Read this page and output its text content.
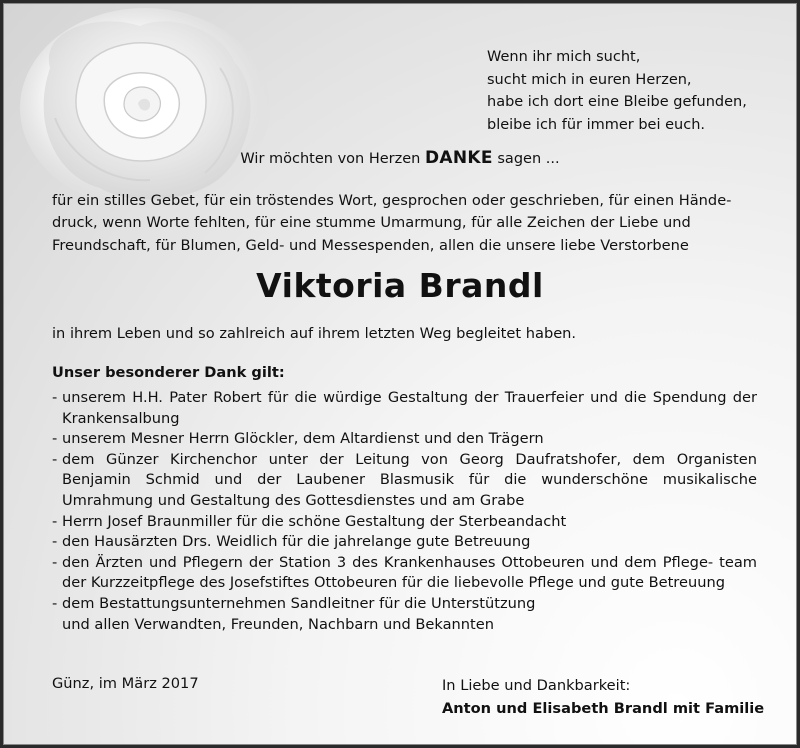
Wenn ihr mich sucht,
sucht mich in euren Herzen,
habe ich dort eine Bleibe gefunden,
bleibe ich für immer bei euch.
Wir möchten von Herzen DANKE sagen ...
für ein stilles Gebet, für ein tröstendes Wort, gesprochen oder geschrieben, für einen Hände-
druck, wenn Worte fehlten, für eine stumme Umarmung, für alle Zeichen der Liebe und
Freundschaft, für Blumen, Geld- und Messespenden, allen die unsere liebe Verstorbene
Viktoria Brandl
in ihrem Leben und so zahlreich auf ihrem letzten Weg begleitet haben.
Unser besonderer Dank gilt:
- unserem H.H. Pater Robert für die würdige Gestaltung der Trauerfeier und die Spendung der Krankensalbung
- unserem Mesner Herrn Glöckler, dem Altardienst und den Trägern
- dem Günzer Kirchenchor unter der Leitung von Georg Daufratshofer, dem Organisten Benjamin Schmid und der Laubener Blasmusik für die wunderschöne musikalische Umrahmung und Gestaltung des Gottesdienstes und am Grabe
- Herrn Josef Braunmiller für die schöne Gestaltung der Sterbeandacht
- den Hausärzten Drs. Weidlich für die jahrelange gute Betreuung
- den Ärzten und Pflegern der Station 3 des Krankenhauses Ottobeuren und dem Pflege- team der Kurzzeitpflege des Josefstiftes Ottobeuren für die liebevolle Pflege und gute Betreuung
- dem Bestattungsunternehmen Sandleitner für die Unterstützung
und allen Verwandten, Freunden, Nachbarn und Bekannten
Günz, im März 2017	In Liebe und Dankbarkeit:
Anton und Elisabeth Brandl mit Familie
